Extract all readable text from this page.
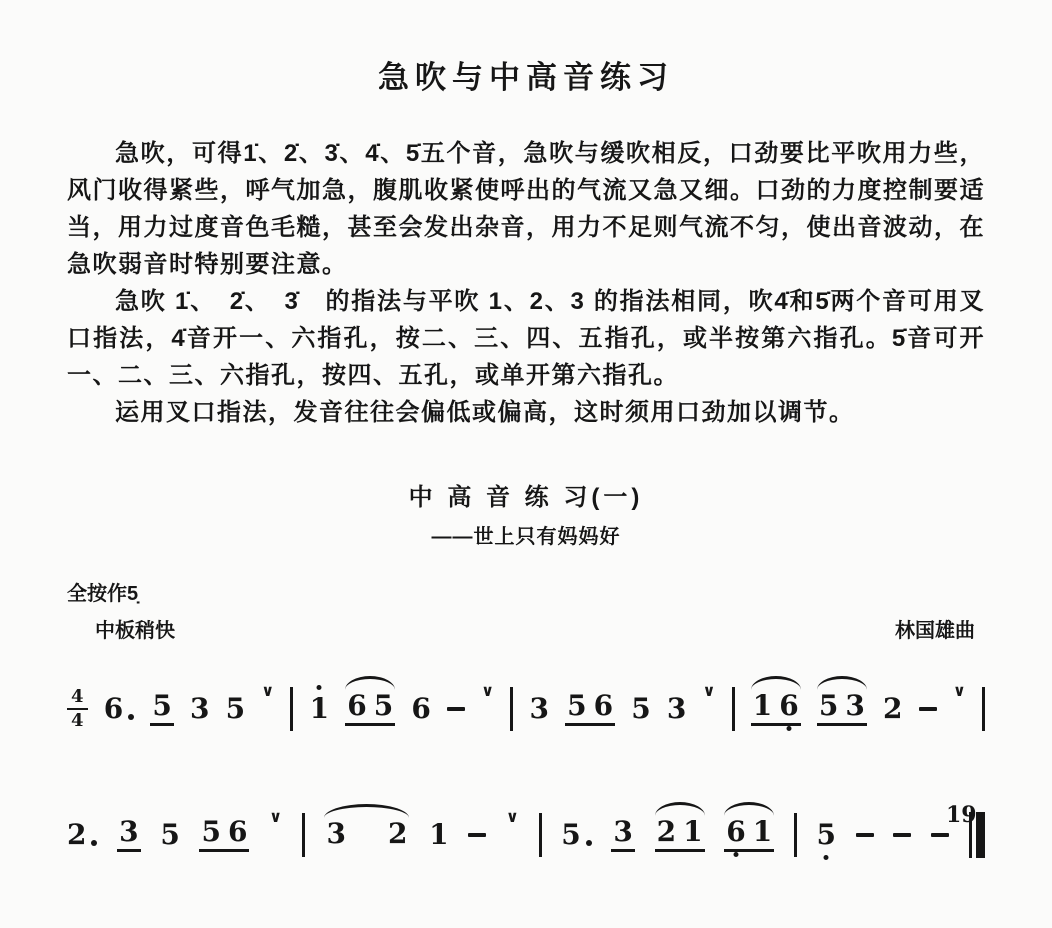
急吹与中高音练习

急吹，可得1̇、2̇、3̇、4̇、5̇五个音，急吹与缓吹相反，口劲要比平吹用力些，风门收得紧些，呼气加急，腹肌收紧使呼出的气流又急又细。口劲的力度控制要适当，用力过度音色毛糙，甚至会发出杂音，用力不足则气流不匀，使出音波动，在急吹弱音时特别要注意。

急吹 1̇、　2̇、　3̇　的指法与平吹 1、2、3 的指法相同，吹4̇和5̇两个音可用叉口指法，4̇音开一、六指孔，按二、三、四、五指孔，或半按第六指孔。5̇音可开一、二、三、六指孔，按四、五孔，或单开第六指孔。

运用叉口指法，发音往往会偏低或偏高，这时须用口劲加以调节。

中 高 音 练 习(一)
——世上只有妈妈好
全按作5̣
中板稍快	林国雄曲
$\frac{4}{4} 6$ 5 3 5
∨
1 6 5 6
∨
3 5 6 5 3
∨ 1 6 5 3 2
∨
2 3 5 5 6 ∨ 3 2 1
∨
5 3 2 1 6 1 5
19
